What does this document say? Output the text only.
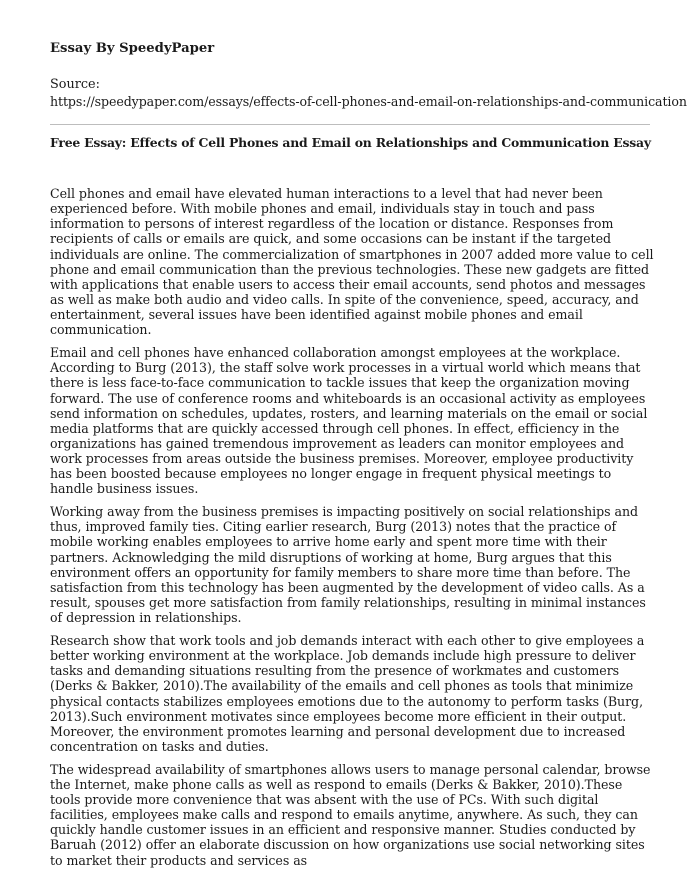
Essay By SpeedyPaper
Source:
https://speedypaper.com/essays/effects-of-cell-phones-and-email-on-relationships-and-communication
Free Essay: Effects of Cell Phones and Email on Relationships and Communication Essay

Cell phones and email have elevated human interactions to a level that had never been experienced before. With mobile phones and email, individuals stay in touch and pass information to persons of interest regardless of the location or distance. Responses from recipients of calls or emails are quick, and some occasions can be instant if the targeted individuals are online. The commercialization of smartphones in 2007 added more value to cell phone and email communication than the previous technologies. These new gadgets are fitted with applications that enable users to access their email accounts, send photos and messages as well as make both audio and video calls. In spite of the convenience, speed, accuracy, and entertainment, several issues have been identified against mobile phones and email communication.

Email and cell phones have enhanced collaboration amongst employees at the workplace. According to Burg (2013), the staff solve work processes in a virtual world which means that there is less face-to-face communication to tackle issues that keep the organization moving forward. The use of conference rooms and whiteboards is an occasional activity as employees send information on schedules, updates, rosters, and learning materials on the email or social media platforms that are quickly accessed through cell phones. In effect, efficiency in the organizations has gained tremendous improvement as leaders can monitor employees and work processes from areas outside the business premises. Moreover, employee productivity has been boosted because employees no longer engage in frequent physical meetings to handle business issues.

Working away from the business premises is impacting positively on social relationships and thus, improved family ties. Citing earlier research, Burg (2013) notes that the practice of mobile working enables employees to arrive home early and spent more time with their partners. Acknowledging the mild disruptions of working at home, Burg argues that this environment offers an opportunity for family members to share more time than before. The satisfaction from this technology has been augmented by the development of video calls. As a result, spouses get more satisfaction from family relationships, resulting in minimal instances of depression in relationships.

Research show that work tools and job demands interact with each other to give employees a better working environment at the workplace. Job demands include high pressure to deliver tasks and demanding situations resulting from the presence of workmates and customers (Derks & Bakker, 2010).The availability of the emails and cell phones as tools that minimize physical contacts stabilizes employees emotions due to the autonomy to perform tasks (Burg, 2013).Such environment motivates since employees become more efficient in their output. Moreover, the environment promotes learning and personal development due to increased concentration on tasks and duties.

The widespread availability of smartphones allows users to manage personal calendar, browse the Internet, make phone calls as well as respond to emails (Derks & Bakker, 2010).These tools provide more convenience that was absent with the use of PCs. With such digital facilities, employees make calls and respond to emails anytime, anywhere. As such, they can quickly handle customer issues in an efficient and responsive manner. Studies conducted by Baruah (2012) offer an elaborate discussion on how organizations use social networking sites to market their products and services as
